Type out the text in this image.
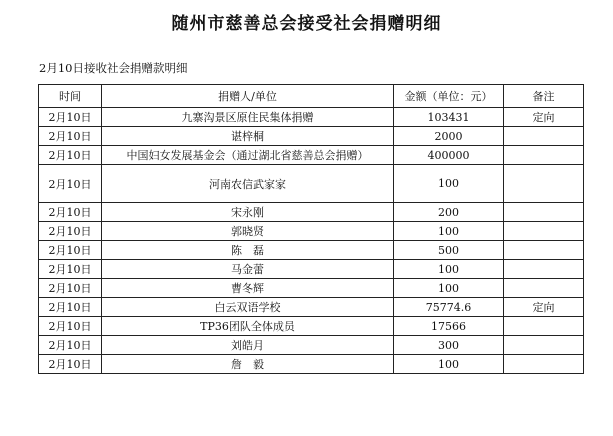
随州市慈善总会接受社会捐赠明细
2月10日接收社会捐赠款明细
时间	捐赠人/单位	金额（单位：元）	备注
2月10日	九寨沟景区原住民集体捐赠	103431	定向
2月10日	谌梓桐	2000	
2月10日	中国妇女发展基金会（通过湖北省慈善总会捐赠）	400000	
2月10日	河南农信武家家	100	
2月10日	宋永刚	200	
2月10日	郭晓贤	100	
2月10日	陈　磊	500	
2月10日	马金蕾	100	
2月10日	曹冬辉	100	
2月10日	白云双语学校	75774.6	定向
2月10日	TP36团队全体成员	17566	
2月10日	刘皓月	300	
2月10日	詹　毅	100	
